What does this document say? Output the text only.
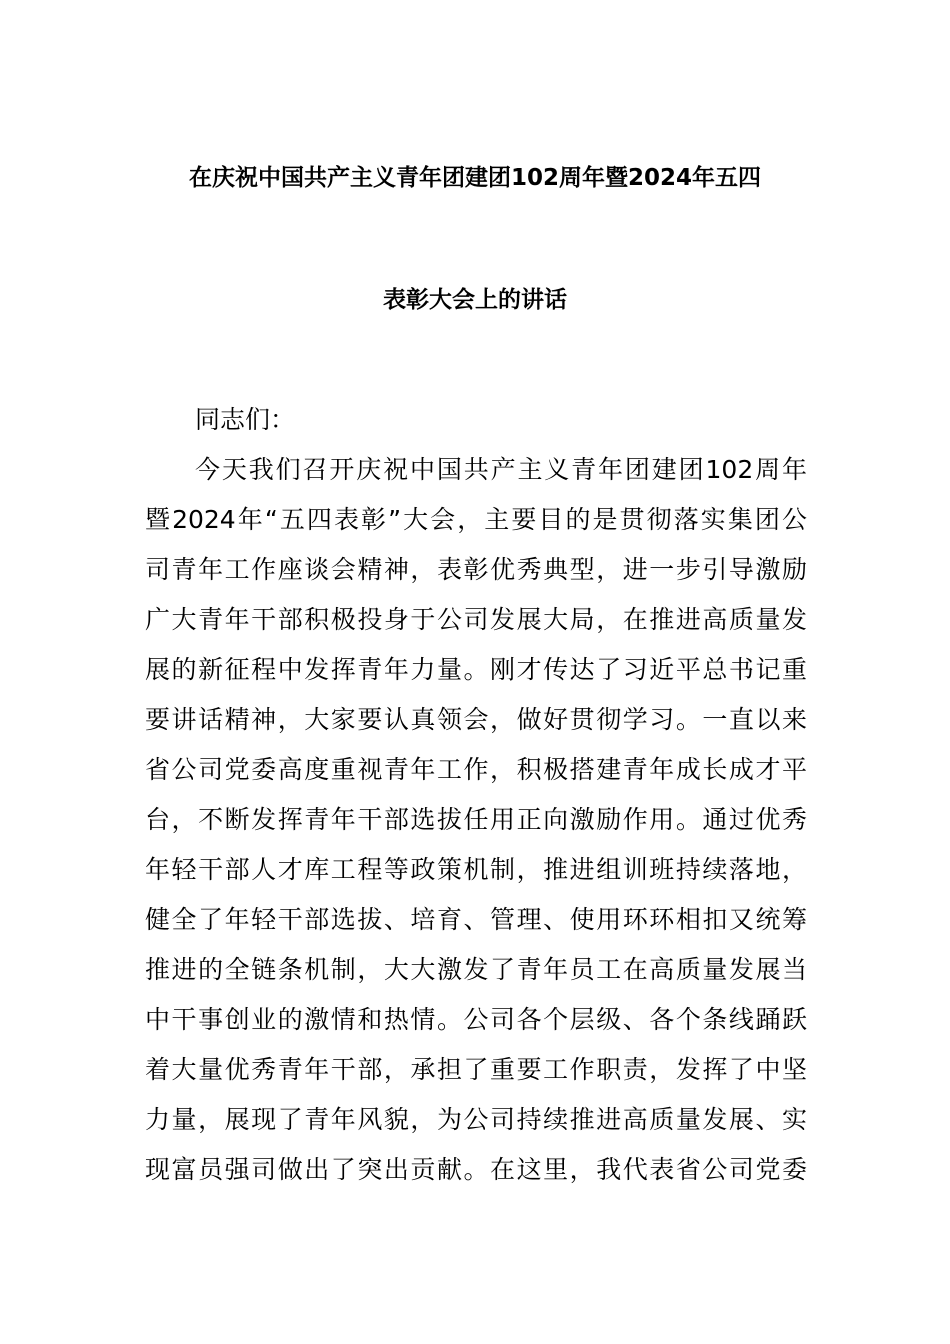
在庆祝中国共产主义青年团建团102周年暨2024年五四
表彰大会上的讲话
同志们：
今天我们召开庆祝中国共产主义青年团建团102周年
暨2024年“五四表彰”大会，主要目的是贯彻落实集团公
司青年工作座谈会精神，表彰优秀典型，进一步引导激励
广大青年干部积极投身于公司发展大局，在推进高质量发
展的新征程中发挥青年力量。刚才传达了习近平总书记重
要讲话精神，大家要认真领会，做好贯彻学习。一直以来
省公司党委高度重视青年工作，积极搭建青年成长成才平
台，不断发挥青年干部选拔任用正向激励作用。通过优秀
年轻干部人才库工程等政策机制，推进组训班持续落地，
健全了年轻干部选拔、培育、管理、使用环环相扣又统筹
推进的全链条机制，大大激发了青年员工在高质量发展当
中干事创业的激情和热情。公司各个层级、各个条线踊跃
着大量优秀青年干部，承担了重要工作职责，发挥了中坚
力量，展现了青年风貌，为公司持续推进高质量发展、实
现富员强司做出了突出贡献。在这里，我代表省公司党委
